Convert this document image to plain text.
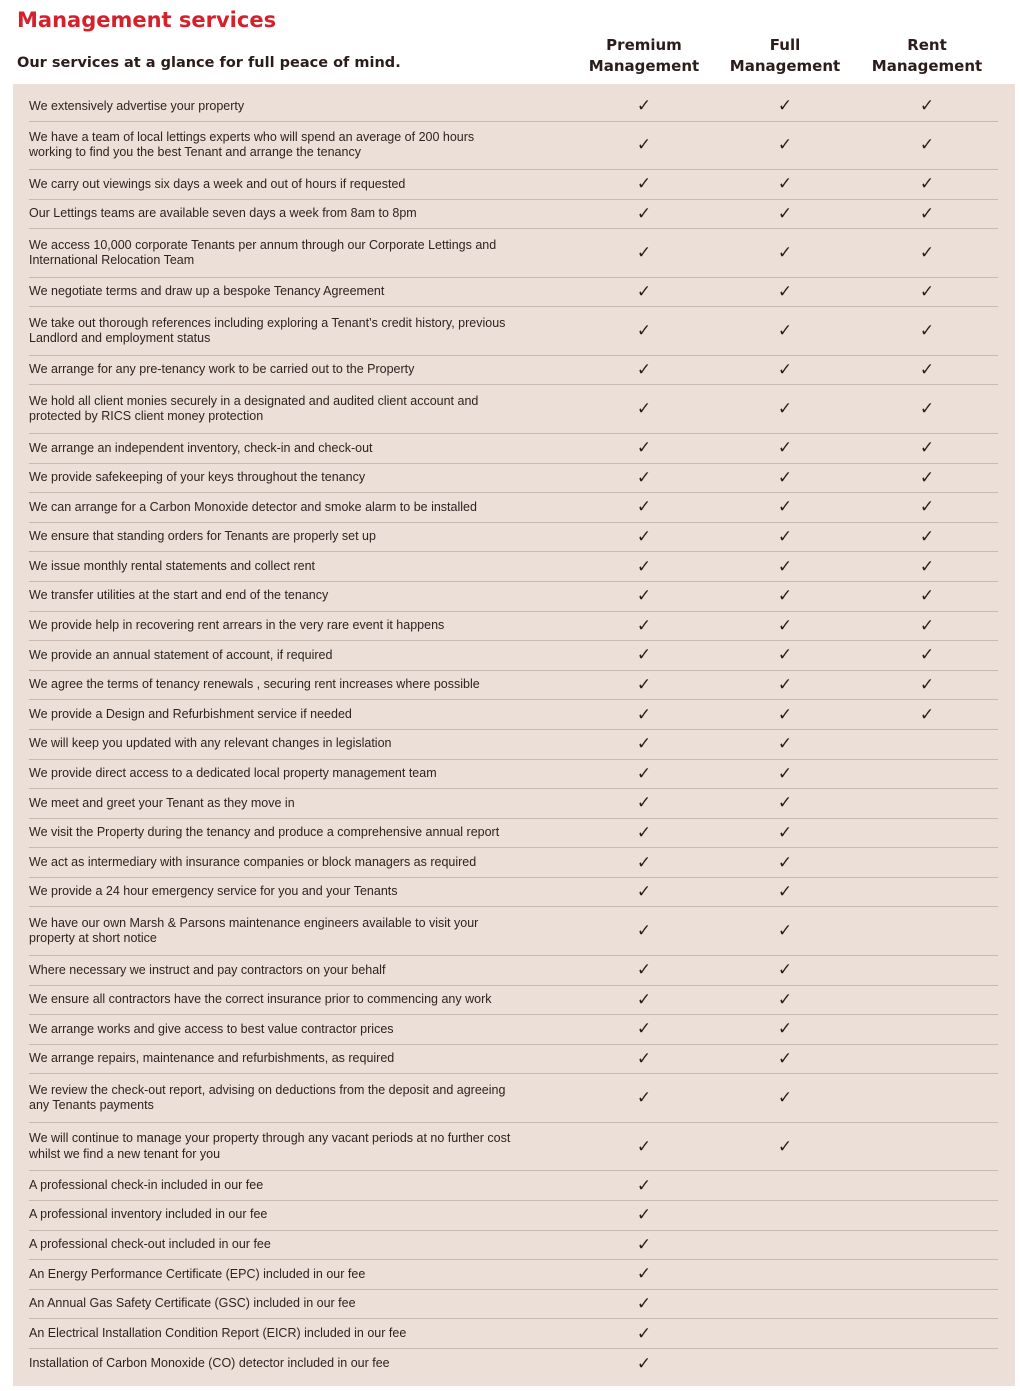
Management services

Our services at a glance for full peace of mind.

Premium
Management
Full
Management
Rent
Management
We extensively advertise your property	✓	✓	✓
We have a team of local lettings experts who will spend an average of 200 hours working to find you the best Tenant and arrange the tenancy	✓	✓	✓
We carry out viewings six days a week and out of hours if requested	✓	✓	✓
Our Lettings teams are available seven days a week from 8am to 8pm	✓	✓	✓
We access 10,000 corporate Tenants per annum through our Corporate Lettings and International Relocation Team	✓	✓	✓
We negotiate terms and draw up a bespoke Tenancy Agreement	✓	✓	✓
We take out thorough references including exploring a Tenant’s credit history, previous Landlord and employment status	✓	✓	✓
We arrange for any pre-tenancy work to be carried out to the Property	✓	✓	✓
We hold all client monies securely in a designated and audited client account and protected by RICS client money protection	✓	✓	✓
We arrange an independent inventory, check-in and check-out	✓	✓	✓
We provide safekeeping of your keys throughout the tenancy	✓	✓	✓
We can arrange for a Carbon Monoxide detector and smoke alarm to be installed	✓	✓	✓
We ensure that standing orders for Tenants are properly set up	✓	✓	✓
We issue monthly rental statements and collect rent	✓	✓	✓
We transfer utilities at the start and end of the tenancy	✓	✓	✓
We provide help in recovering rent arrears in the very rare event it happens	✓	✓	✓
We provide an annual statement of account, if required	✓	✓	✓
We agree the terms of tenancy renewals , securing rent increases where possible	✓	✓	✓
We provide a Design and Refurbishment service if needed	✓	✓	✓
We will keep you updated with any relevant changes in legislation	✓	✓
We provide direct access to a dedicated local property management team	✓	✓
We meet and greet your Tenant as they move in	✓	✓
We visit the Property during the tenancy and produce a comprehensive annual report	✓	✓
We act as intermediary with insurance companies or block managers as required	✓	✓
We provide a 24 hour emergency service for you and your Tenants	✓	✓
We have our own Marsh & Parsons maintenance engineers available to visit your property at short notice	✓	✓
Where necessary we instruct and pay contractors on your behalf	✓	✓
We ensure all contractors have the correct insurance prior to commencing any work	✓	✓
We arrange works and give access to best value contractor prices	✓	✓
We arrange repairs, maintenance and refurbishments, as required	✓	✓
We review the check-out report, advising on deductions from the deposit and agreeing any Tenants payments	✓	✓
We will continue to manage your property through any vacant periods at no further cost whilst we find a new tenant for you	✓	✓
A professional check-in included in our fee	✓
A professional inventory included in our fee	✓
A professional check-out included in our fee	✓
An Energy Performance Certificate (EPC) included in our fee	✓
An Annual Gas Safety Certificate (GSC) included in our fee	✓
An Electrical Installation Condition Report (EICR) included in our fee	✓
Installation of Carbon Monoxide (CO) detector included in our fee	✓
